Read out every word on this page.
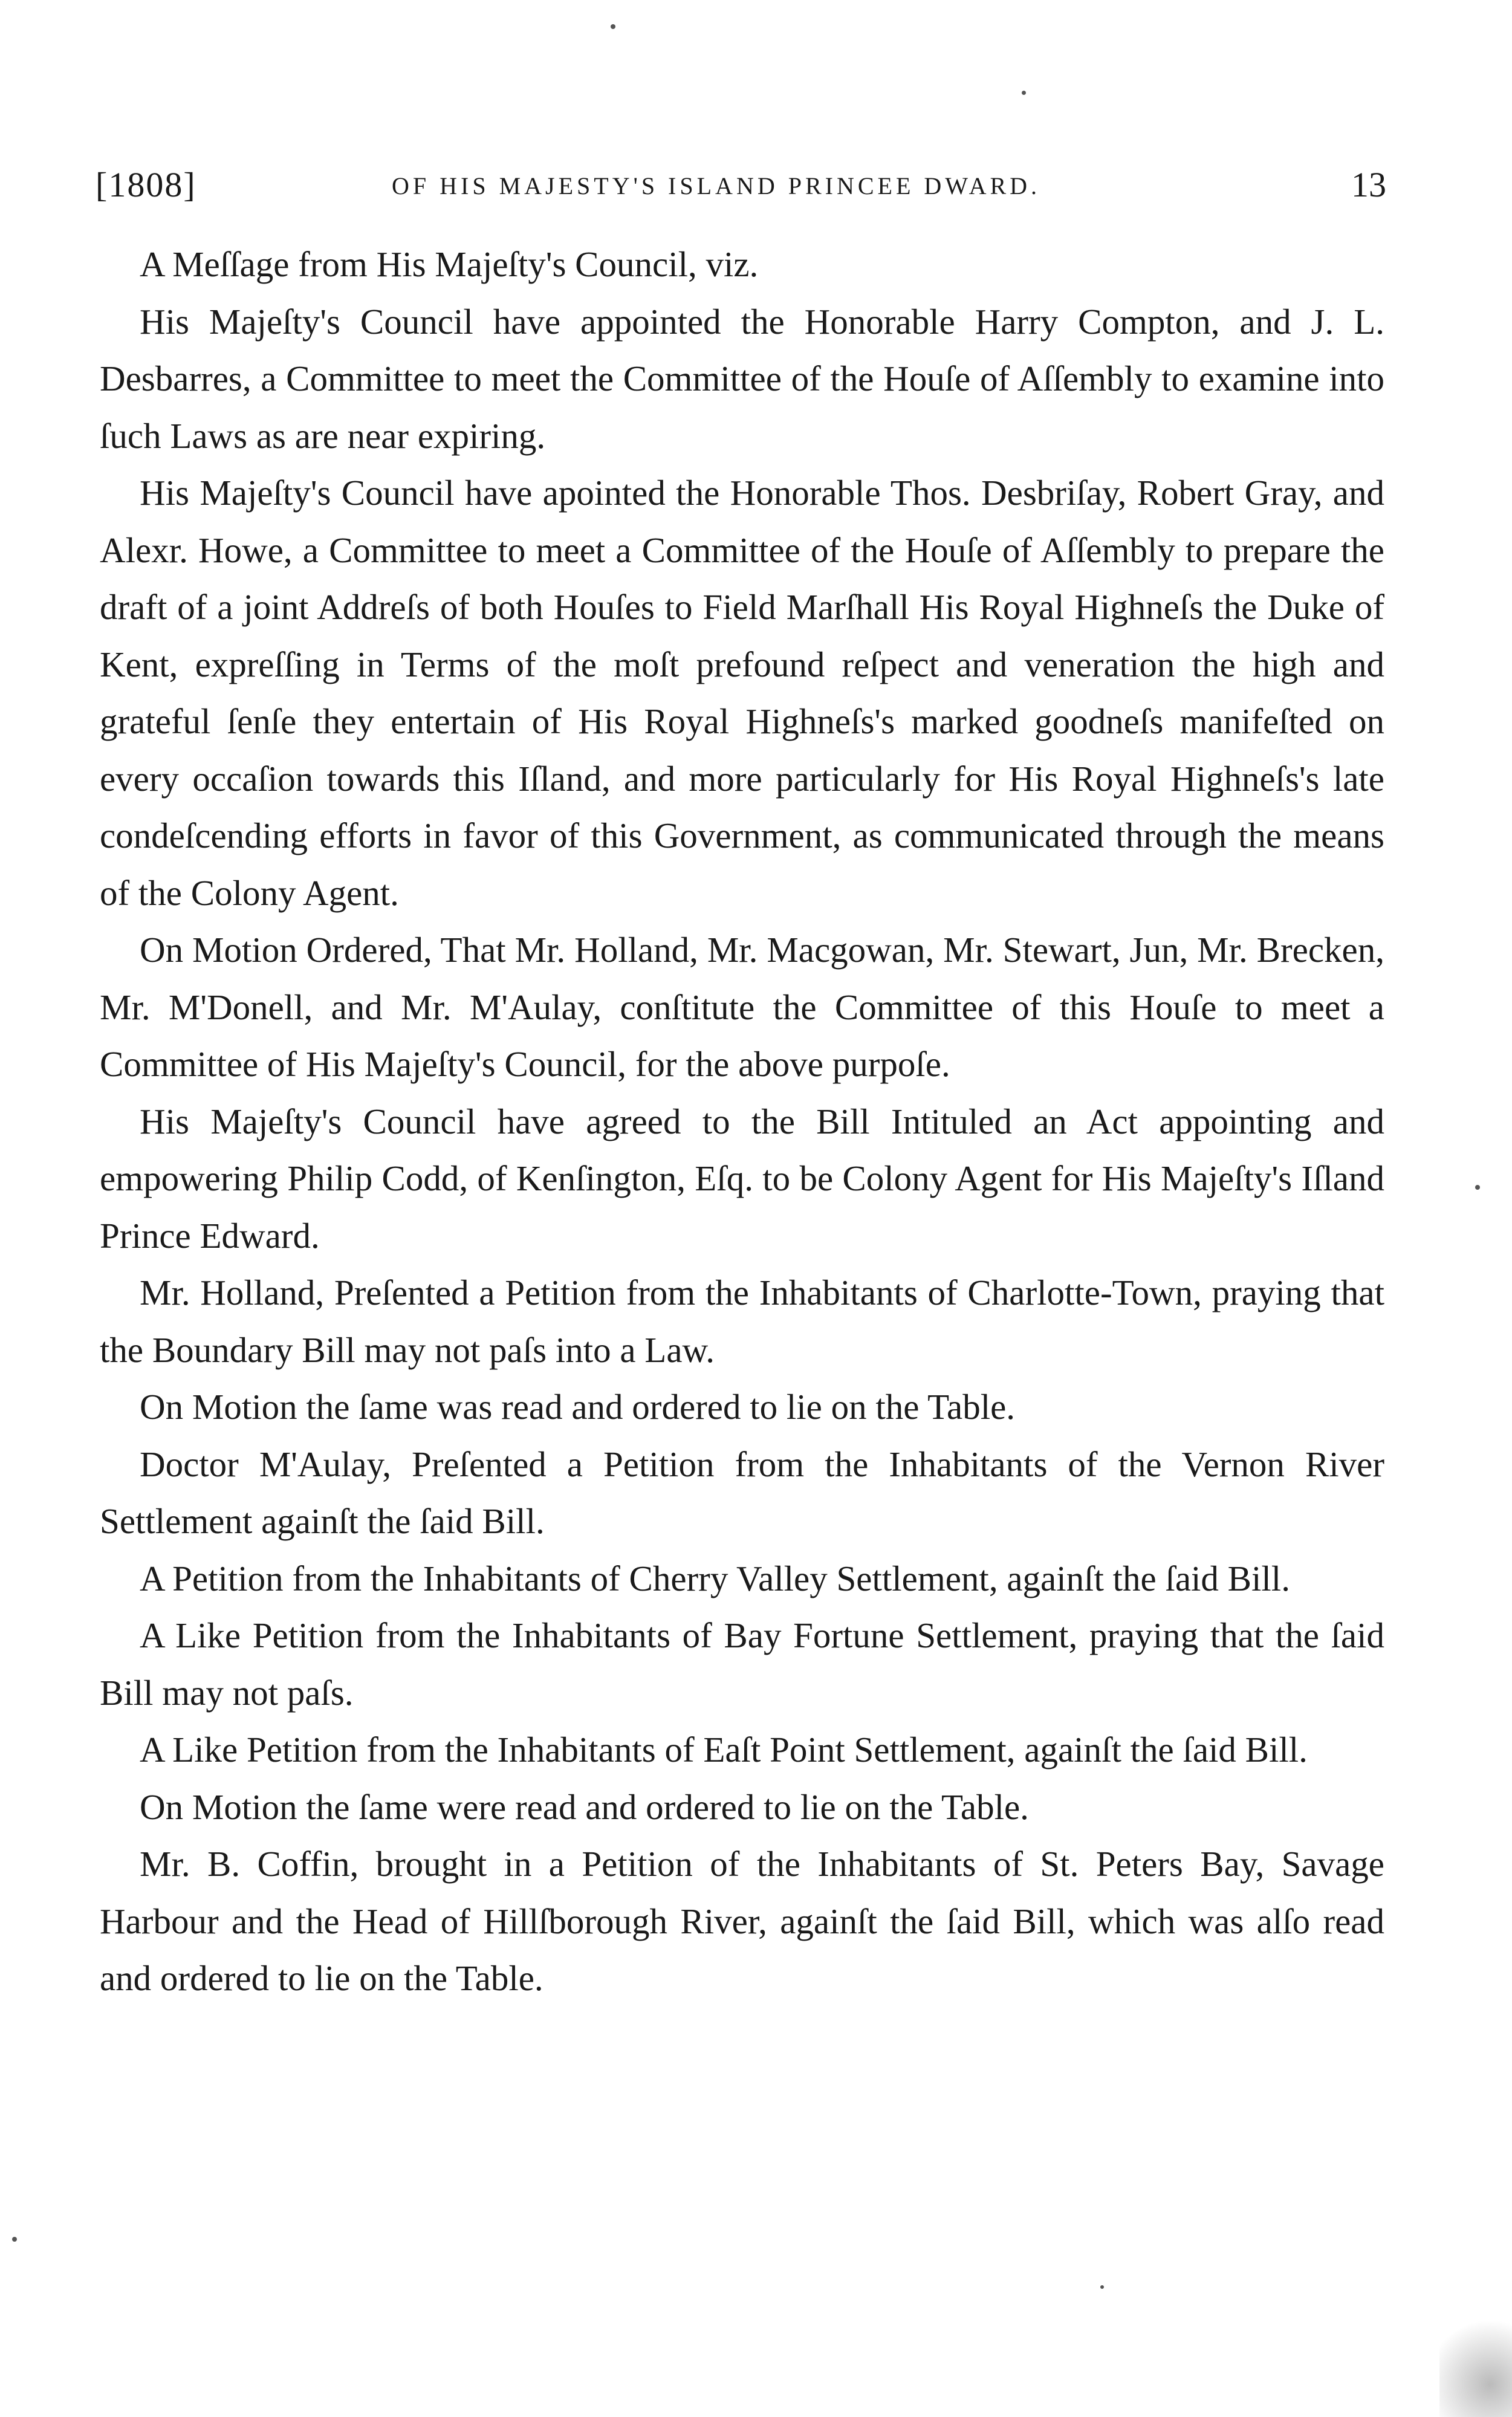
[1808]	OF HIS MAJESTY'S ISLAND PRINCEE DWARD.	13

A Meſſage from His Majeſty's Council, viz.

His Majeſty's Council have appointed the Honorable Harry Compton, and J. L. Desbarres, a Committee to meet the Committee of the Houſe of Aſſembly to examine into ſuch Laws as are near expiring.

His Majeſty's Council have apointed the Honorable Thos. Desbriſay, Robert Gray, and Alexr. Howe, a Committee to meet a Committee of the Houſe of Aſſembly to prepare the draft of a joint Addreſs of both Houſes to Field Marſhall His Royal Highneſs the Duke of Kent, expreſſing in Terms of the moſt prefound reſpect and veneration the high and grateful ſenſe they entertain of His Royal Highneſs's marked goodneſs manifeſted on every occaſion towards this Iſland, and more particularly for His Royal Highneſs's late condeſcending efforts in favor of this Government, as communicated through the means of the Colony Agent.

On Motion Ordered, That Mr. Holland, Mr. Macgowan, Mr. Stewart, Jun, Mr. Brecken, Mr. M'Donell, and Mr. M'Aulay, conſtitute the Committee of this Houſe to meet a Committee of His Majeſty's Council, for the above purpoſe.

His Majeſty's Council have agreed to the Bill Intituled an Act appointing and empowering Philip Codd, of Kenſington, Eſq. to be Colony Agent for His Majeſty's Iſland Prince Edward.

Mr. Holland, Preſented a Petition from the Inhabitants of Charlotte-Town, praying that the Boundary Bill may not paſs into a Law.

On Motion the ſame was read and ordered to lie on the Table.

Doctor M'Aulay, Preſented a Petition from the Inhabitants of the Vernon River Settlement againſt the ſaid Bill.

A Petition from the Inhabitants of Cherry Valley Settlement, againſt the ſaid Bill.

A Like Petition from the Inhabitants of Bay Fortune Settlement, praying that the ſaid Bill may not paſs.

A Like Petition from the Inhabitants of Eaſt Point Settlement, againſt the ſaid Bill.

On Motion the ſame were read and ordered to lie on the Table.

Mr. B. Coffin, brought in a Petition of the Inhabitants of St. Peters Bay, Savage Harbour and the Head of Hillſborough River, againſt the ſaid Bill, which was alſo read and ordered to lie on the Table.
